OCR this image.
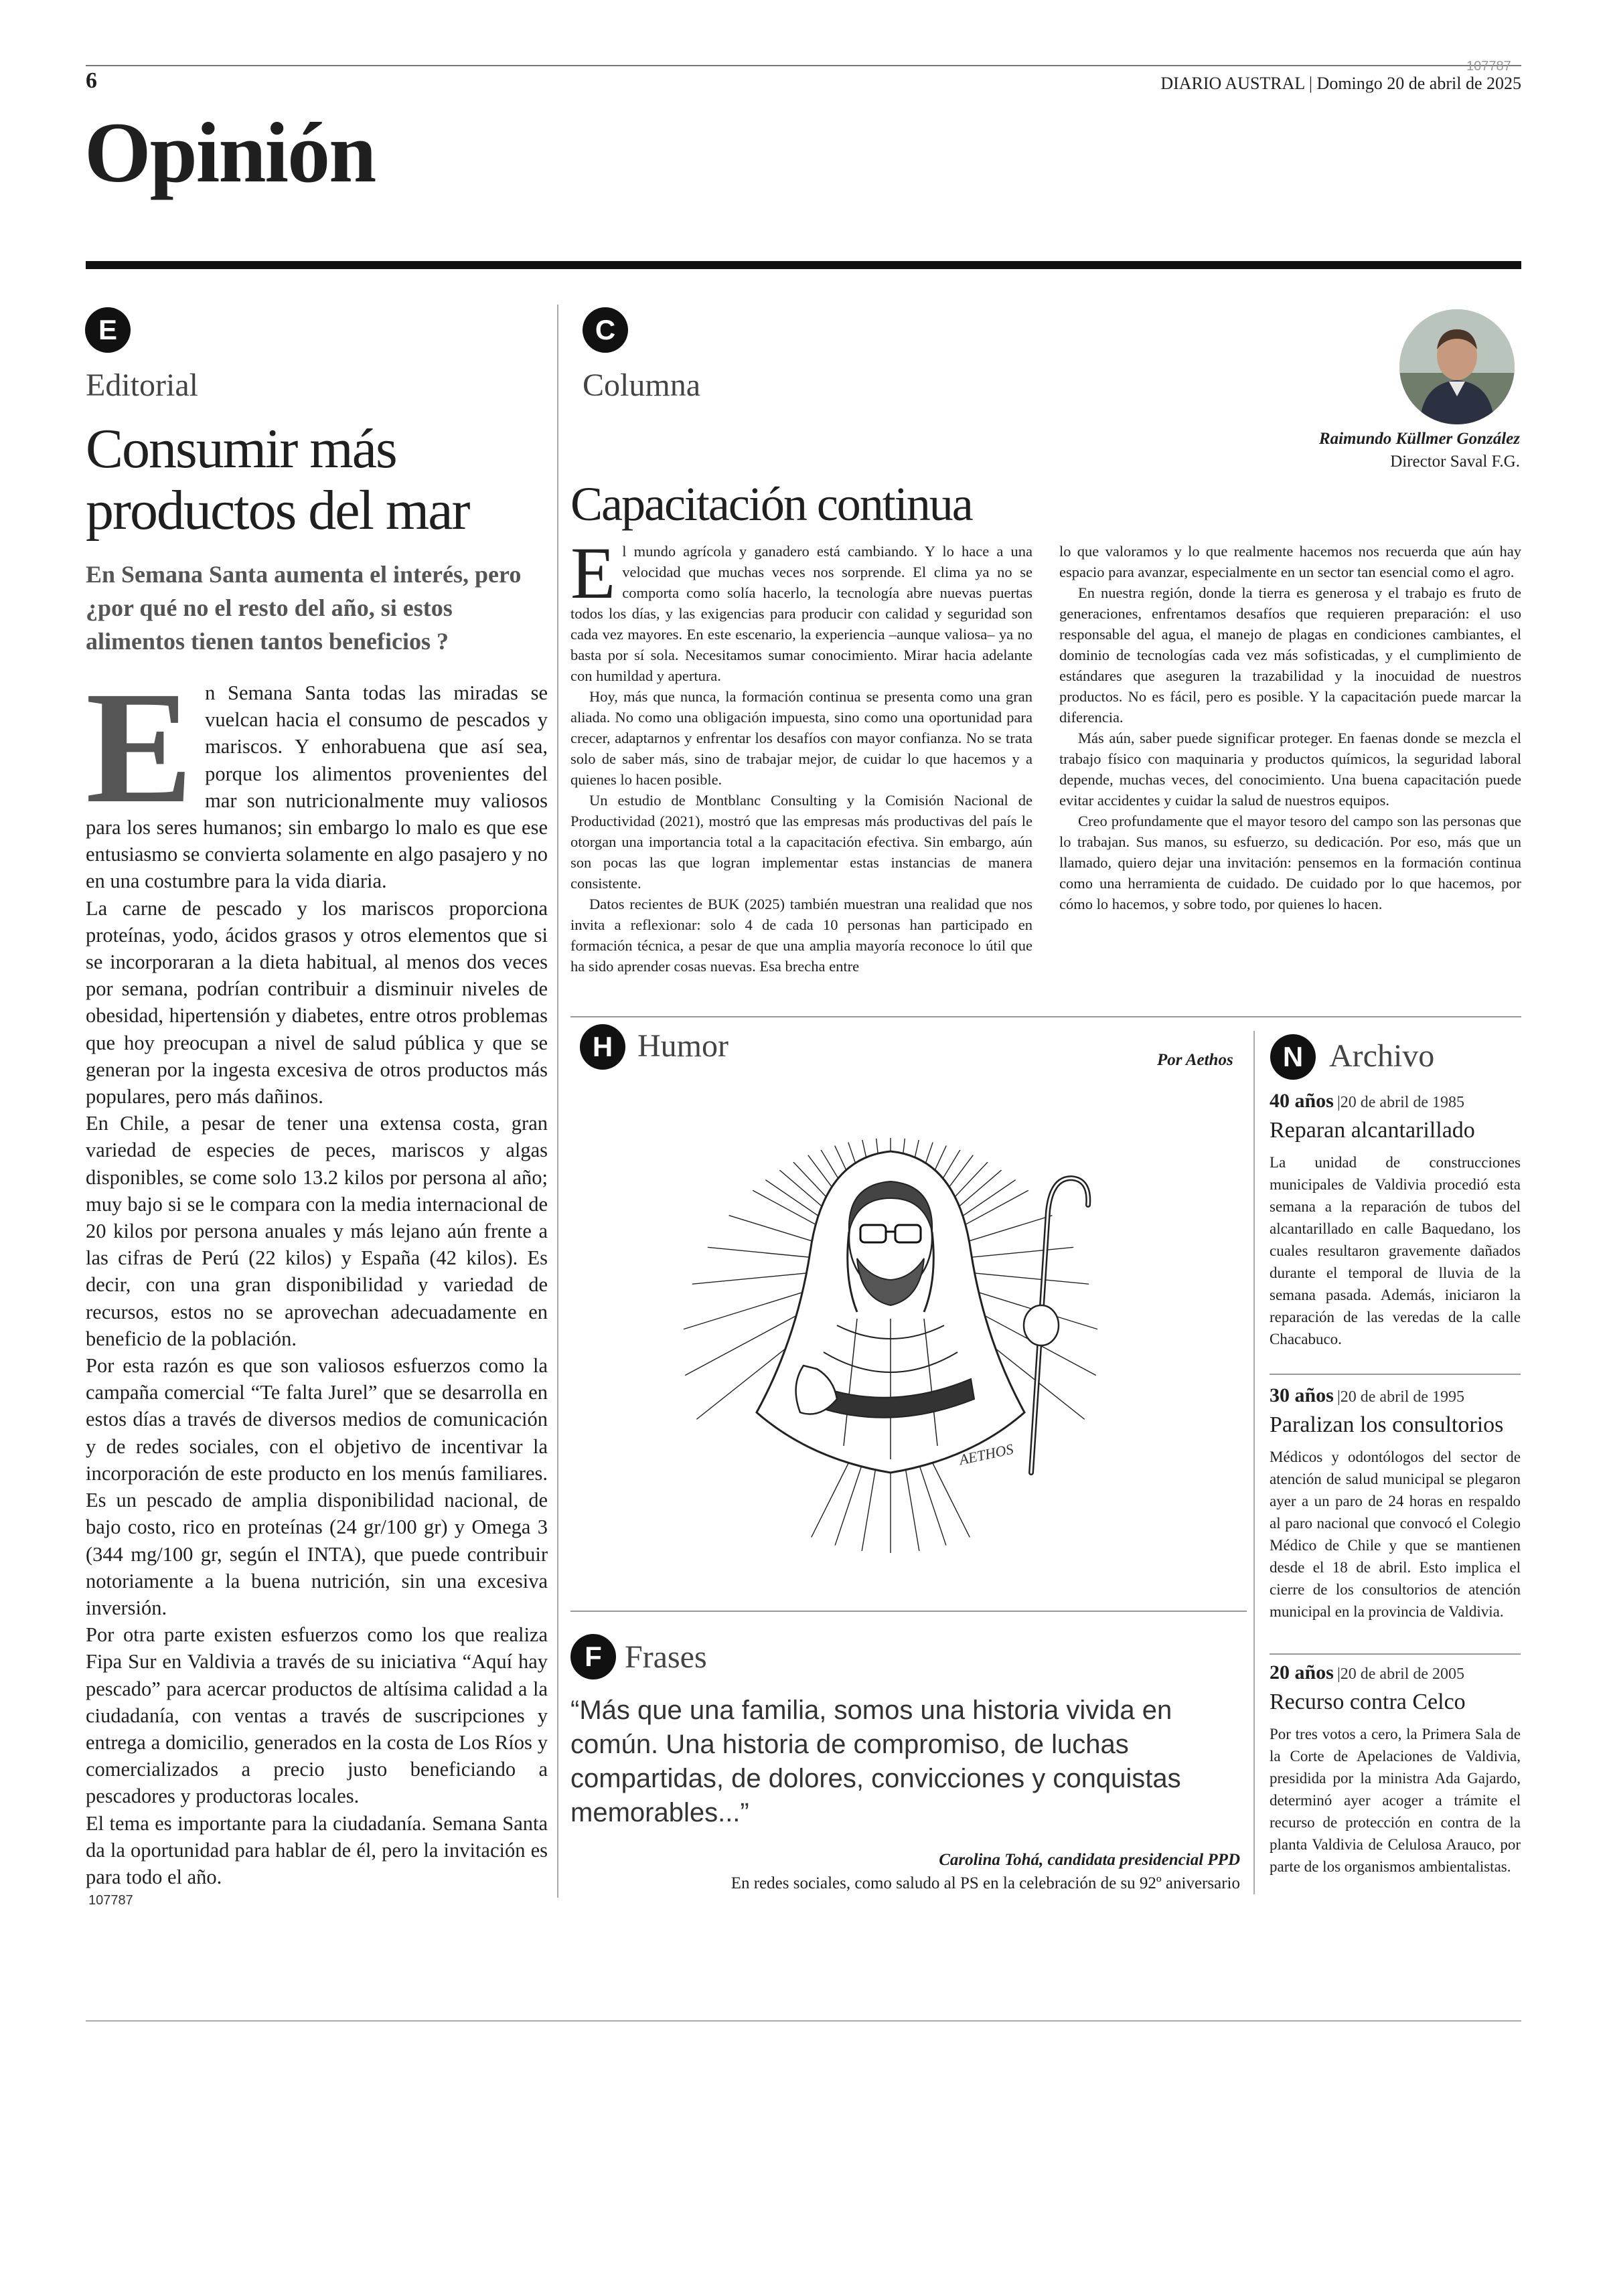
6
107787
DIARIO AUSTRAL | Domingo 20 de abril de 2025
Opinión
E
Editorial
Consumir más productos del mar
En Semana Santa aumenta el interés, pero ¿por qué no el resto del año, si estos alimentos tienen tantos beneficios ?
E n Semana Santa todas las miradas se vuelcan hacia el consumo de pescados y mariscos. Y enhorabuena que así sea, porque los alimentos provenientes del mar son nutricionalmente muy valiosos para los seres humanos; sin embargo lo malo es que ese entusiasmo se convierta solamente en algo pasajero y no en una costumbre para la vida diaria.

La carne de pescado y los mariscos proporciona proteínas, yodo, ácidos grasos y otros elementos que si se incorporaran a la dieta habitual, al menos dos veces por semana, podrían contribuir a disminuir niveles de obesidad, hipertensión y diabetes, entre otros problemas que hoy preocupan a nivel de salud pública y que se generan por la ingesta excesiva de otros productos más populares, pero más dañinos.

En Chile, a pesar de tener una extensa costa, gran variedad de especies de peces, mariscos y algas disponibles, se come solo 13.2 kilos por persona al año; muy bajo si se le compara con la media internacional de 20 kilos por persona anuales y más lejano aún frente a las cifras de Perú (22 kilos) y España (42 kilos). Es decir, con una gran disponibilidad y variedad de recursos, estos no se aprovechan adecuadamente en beneficio de la población.

Por esta razón es que son valiosos esfuerzos como la campaña comercial “Te falta Jurel” que se desarrolla en estos días a través de diversos medios de comunicación y de redes sociales, con el objetivo de incentivar la incorporación de este producto en los menús familiares. Es un pescado de amplia disponibilidad nacional, de bajo costo, rico en proteínas (24 gr/100 gr) y Omega 3 (344 mg/100 gr, según el INTA), que puede contribuir notoriamente a la buena nutrición, sin una excesiva inversión.

Por otra parte existen esfuerzos como los que realiza Fipa Sur en Valdivia a través de su iniciativa “Aquí hay pescado” para acercar productos de altísima calidad a la ciudadanía, con ventas a través de suscripciones y entrega a domicilio, generados en la costa de Los Ríos y comercializados a precio justo beneficiando a pescadores y productoras locales.

El tema es importante para la ciudadanía. Semana Santa da la oportunidad para hablar de él, pero la invitación es para todo el año.

107787
C
Columna
Raimundo Küllmer González
Director Saval F.G.
Capacitación continua
E l mundo agrícola y ganadero está cambiando. Y lo hace a una velocidad que muchas veces nos sorprende. El clima ya no se comporta como solía hacerlo, la tecnología abre nuevas puertas todos los días, y las exigencias para producir con calidad y seguridad son cada vez mayores. En este escenario, la experiencia –aunque valiosa– ya no basta por sí sola. Necesitamos sumar conocimiento. Mirar hacia adelante con humildad y apertura.

Hoy, más que nunca, la formación continua se presenta como una gran aliada. No como una obligación impuesta, sino como una oportunidad para crecer, adaptarnos y enfrentar los desafíos con mayor confianza. No se trata solo de saber más, sino de trabajar mejor, de cuidar lo que hacemos y a quienes lo hacen posible.

Un estudio de Montblanc Consulting y la Comisión Nacional de Productividad (2021), mostró que las empresas más productivas del país le otorgan una importancia total a la capacitación efectiva. Sin embargo, aún son pocas las que logran implementar estas instancias de manera consistente.

Datos recientes de BUK (2025) también muestran una realidad que nos invita a reflexionar: solo 4 de cada 10 personas han participado en formación técnica, a pesar de que una amplia mayoría reconoce lo útil que ha sido aprender cosas nuevas. Esa brecha entre

lo que valoramos y lo que realmente hacemos nos recuerda que aún hay espacio para avanzar, especialmente en un sector tan esencial como el agro.

En nuestra región, donde la tierra es generosa y el trabajo es fruto de generaciones, enfrentamos desafíos que requieren preparación: el uso responsable del agua, el manejo de plagas en condiciones cambiantes, el dominio de tecnologías cada vez más sofisticadas, y el cumplimiento de estándares que aseguren la trazabilidad y la inocuidad de nuestros productos. No es fácil, pero es posible. Y la capacitación puede marcar la diferencia.

Más aún, saber puede significar proteger. En faenas donde se mezcla el trabajo físico con maquinaria y productos químicos, la seguridad laboral depende, muchas veces, del conocimiento. Una buena capacitación puede evitar accidentes y cuidar la salud de nuestros equipos.

Creo profundamente que el mayor tesoro del campo son las personas que lo trabajan. Sus manos, su esfuerzo, su dedicación. Por eso, más que un llamado, quiero dejar una invitación: pensemos en la formación continua como una herramienta de cuidado. De cuidado por lo que hacemos, por cómo lo hacemos, y sobre todo, por quienes lo hacen.

H Humor	Por Aethos
AETHOS
F Frases
“Más que una familia, somos una historia vivida en común. Una historia de compromiso, de luchas compartidas, de dolores, convicciones y conquistas memorables...”
Carolina Tohá, candidata presidencial PPD
En redes sociales, como saludo al PS en la celebración de su 92º aniversario
N Archivo
40 años |20 de abril de 1985
Reparan alcantarillado
La unidad de construcciones municipales de Valdivia procedió esta semana a la reparación de tubos del alcantarillado en calle Baquedano, los cuales resultaron gravemente dañados durante el temporal de lluvia de la semana pasada. Además, iniciaron la reparación de las veredas de la calle Chacabuco.
30 años |20 de abril de 1995
Paralizan los consultorios
Médicos y odontólogos del sector de atención de salud municipal se plegaron ayer a un paro de 24 horas en respaldo al paro nacional que convocó el Colegio Médico de Chile y que se mantienen desde el 18 de abril. Esto implica el cierre de los consultorios de atención municipal en la provincia de Valdivia.
20 años |20 de abril de 2005
Recurso contra Celco
Por tres votos a cero, la Primera Sala de la Corte de Apelaciones de Valdivia, presidida por la ministra Ada Gajardo, determinó ayer acoger a trámite el recurso de protección en contra de la planta Valdivia de Celulosa Arauco, por parte de los organismos ambientalistas.
